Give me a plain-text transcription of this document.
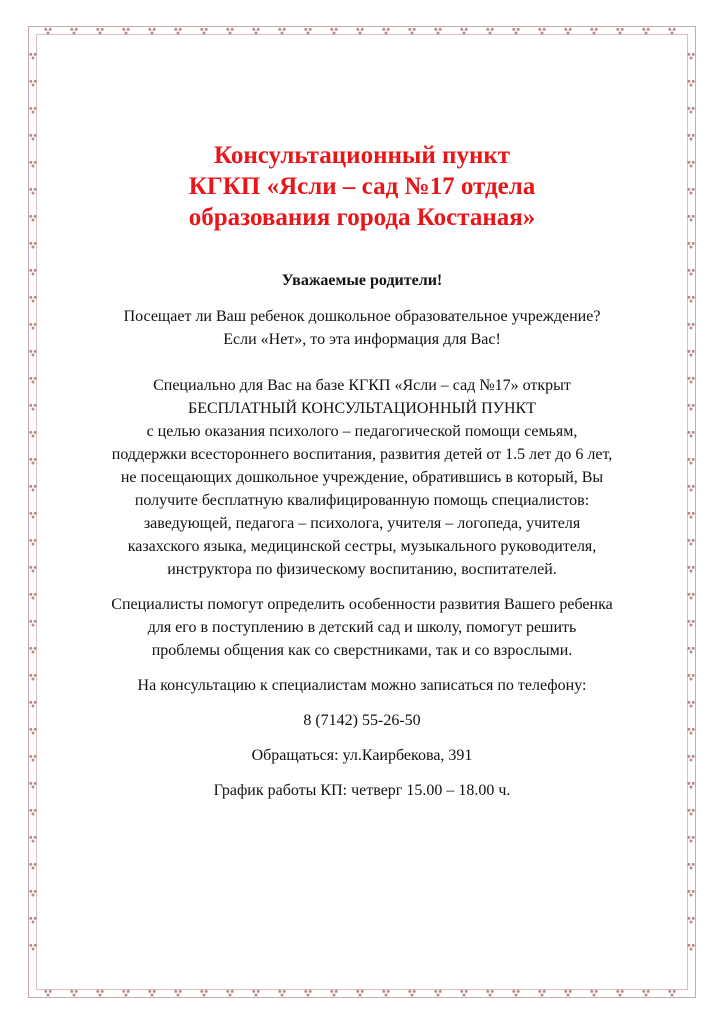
Консультационный пункт
КГКП «Ясли – сад №17 отдела
образования города Костаная»
Уважаемые родители!

Посещает ли Ваш ребенок дошкольное образовательное учреждение?
Если «Нет», то эта информация для Вас!

Специально для Вас на базе КГКП «Ясли – сад №17» открыт
БЕСПЛАТНЫЙ КОНСУЛЬТАЦИОННЫЙ ПУНКТ
с целью оказания психолого – педагогической помощи семьям,
поддержки всестороннего воспитания, развития детей от 1.5 лет до 6 лет,
не посещающих дошкольное учреждение, обратившись в который, Вы
получите бесплатную квалифицированную помощь специалистов:
заведующей, педагога – психолога, учителя – логопеда, учителя
казахского языка, медицинской сестры, музыкального руководителя,
инструктора по физическому воспитанию, воспитателей.

Специалисты помогут определить особенности развития Вашего ребенка
для его в поступлению в детский сад и школу, помогут решить
проблемы общения как со сверстниками, так и со взрослыми.

На консультацию к специалистам можно записаться по телефону:

8 (7142) 55-26-50

Обращаться: ул.Каирбекова, 391

График работы КП: четверг 15.00 – 18.00 ч.
